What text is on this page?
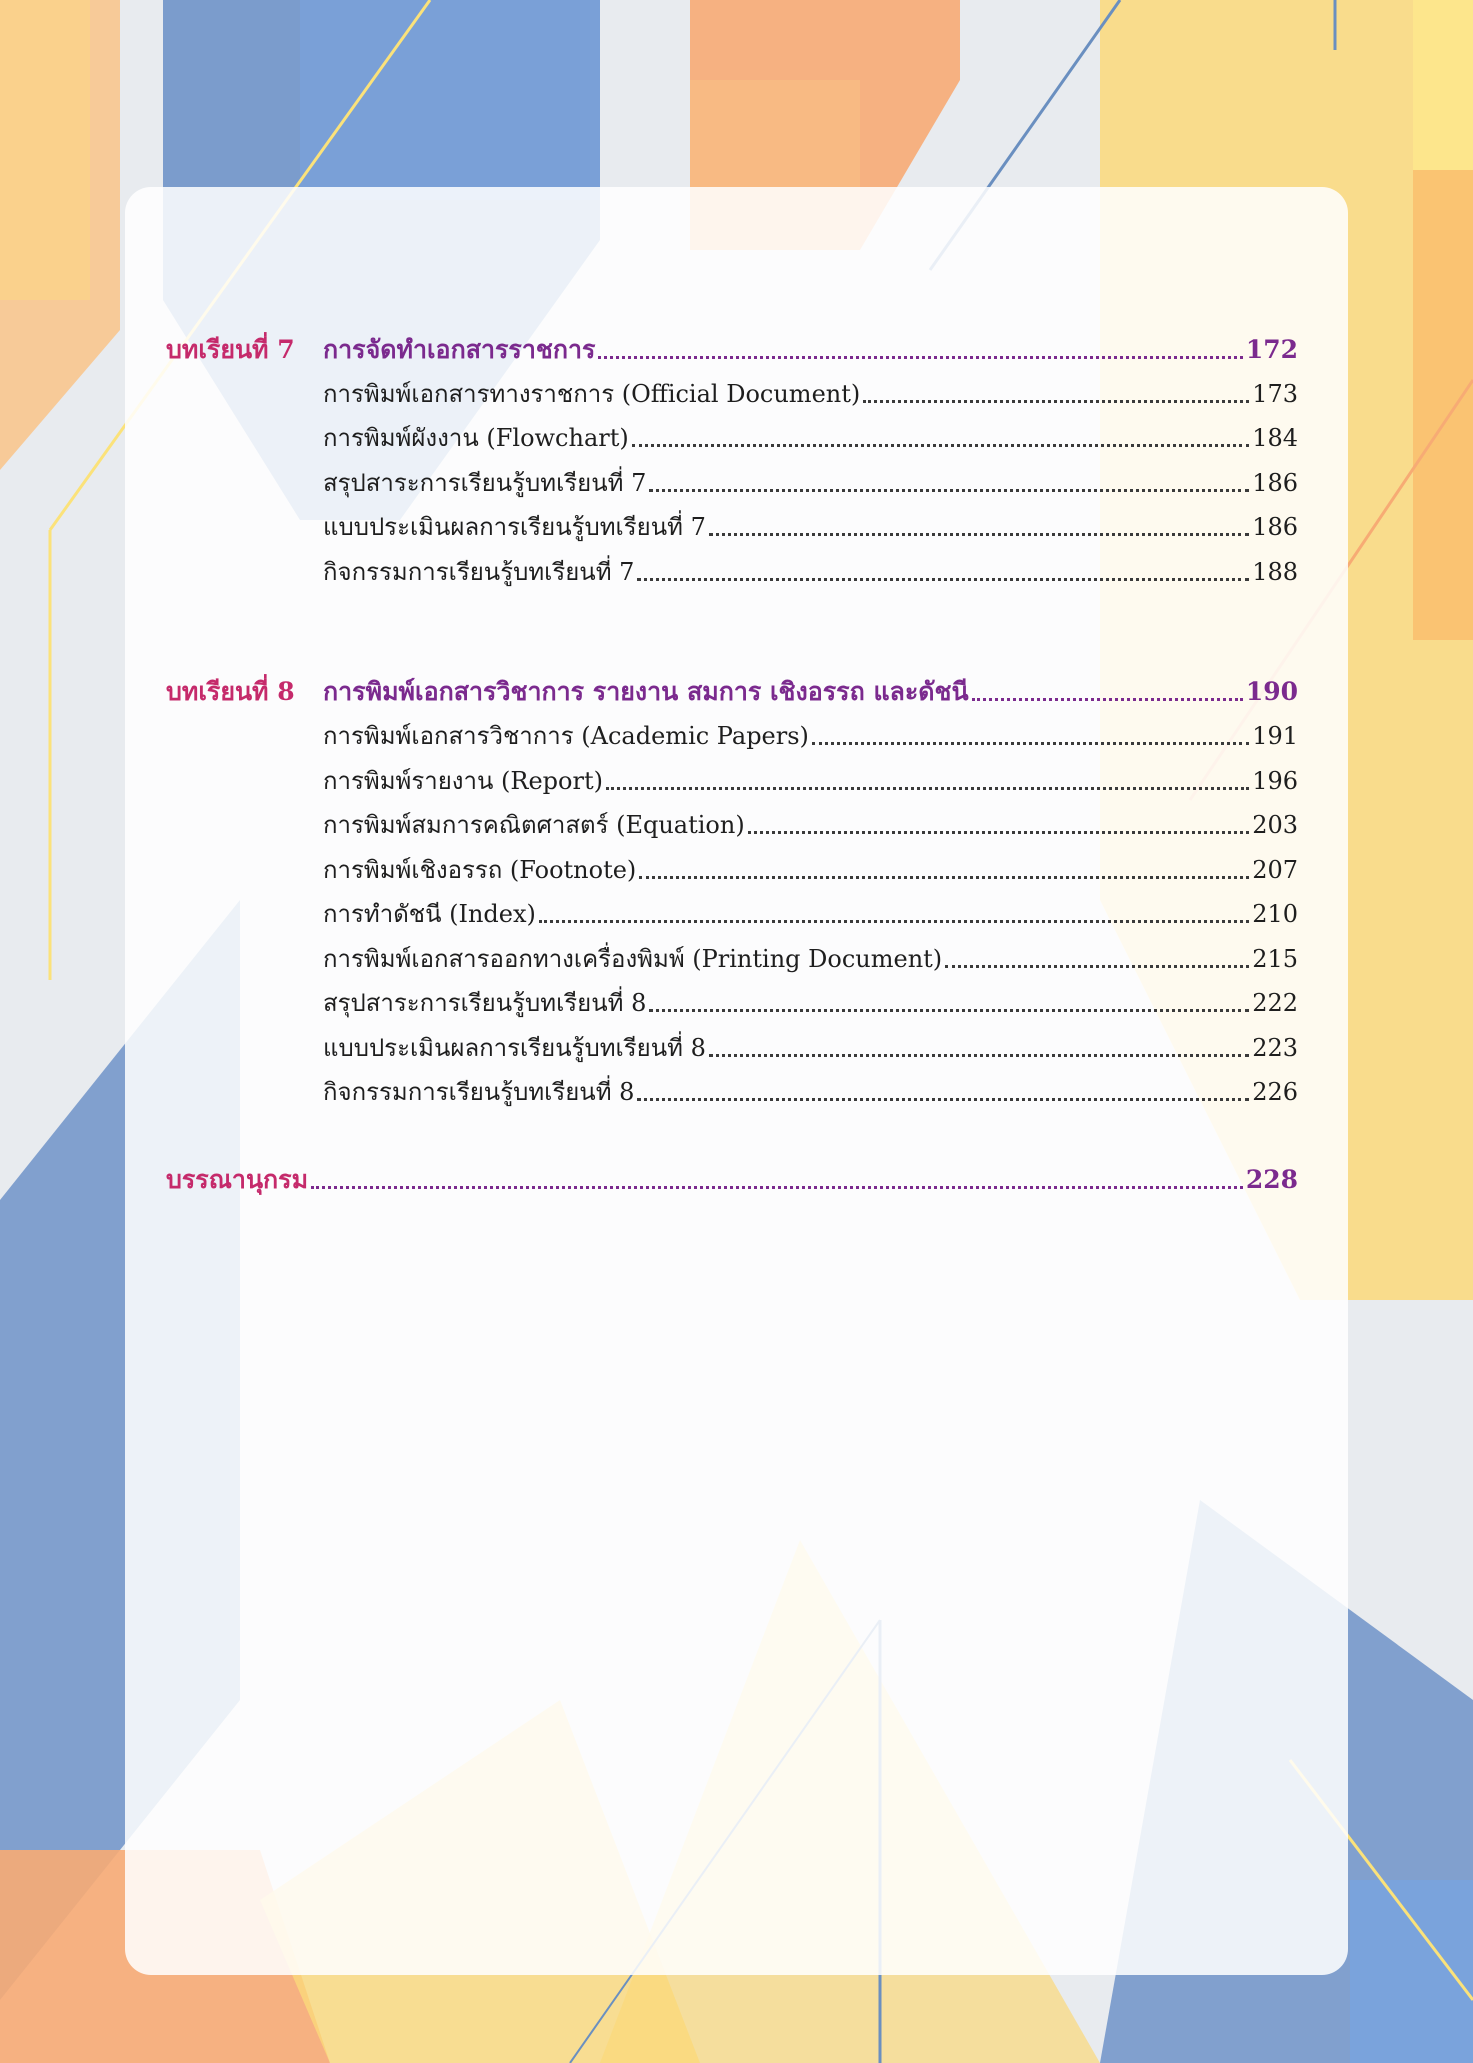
บทเรียนที่ 7 การจัดทำเอกสารราชการ	172
การพิมพ์เอกสารทางราชการ (Official Document)	173
การพิมพ์ผังงาน (Flowchart)	184
สรุปสาระการเรียนรู้บทเรียนที่ 7	186
แบบประเมินผลการเรียนรู้บทเรียนที่ 7	186
กิจกรรมการเรียนรู้บทเรียนที่ 7	188
บทเรียนที่ 8 การพิมพ์เอกสารวิชาการ รายงาน สมการ เชิงอรรถ และดัชนี	190
การพิมพ์เอกสารวิชาการ (Academic Papers)	191
การพิมพ์รายงาน (Report)	196
การพิมพ์สมการคณิตศาสตร์ (Equation)	203
การพิมพ์เชิงอรรถ (Footnote)	207
การทำดัชนี (Index)	210
การพิมพ์เอกสารออกทางเครื่องพิมพ์ (Printing Document)	215
สรุปสาระการเรียนรู้บทเรียนที่ 8	222
แบบประเมินผลการเรียนรู้บทเรียนที่ 8	223
กิจกรรมการเรียนรู้บทเรียนที่ 8	226
บรรณานุกรม	228
